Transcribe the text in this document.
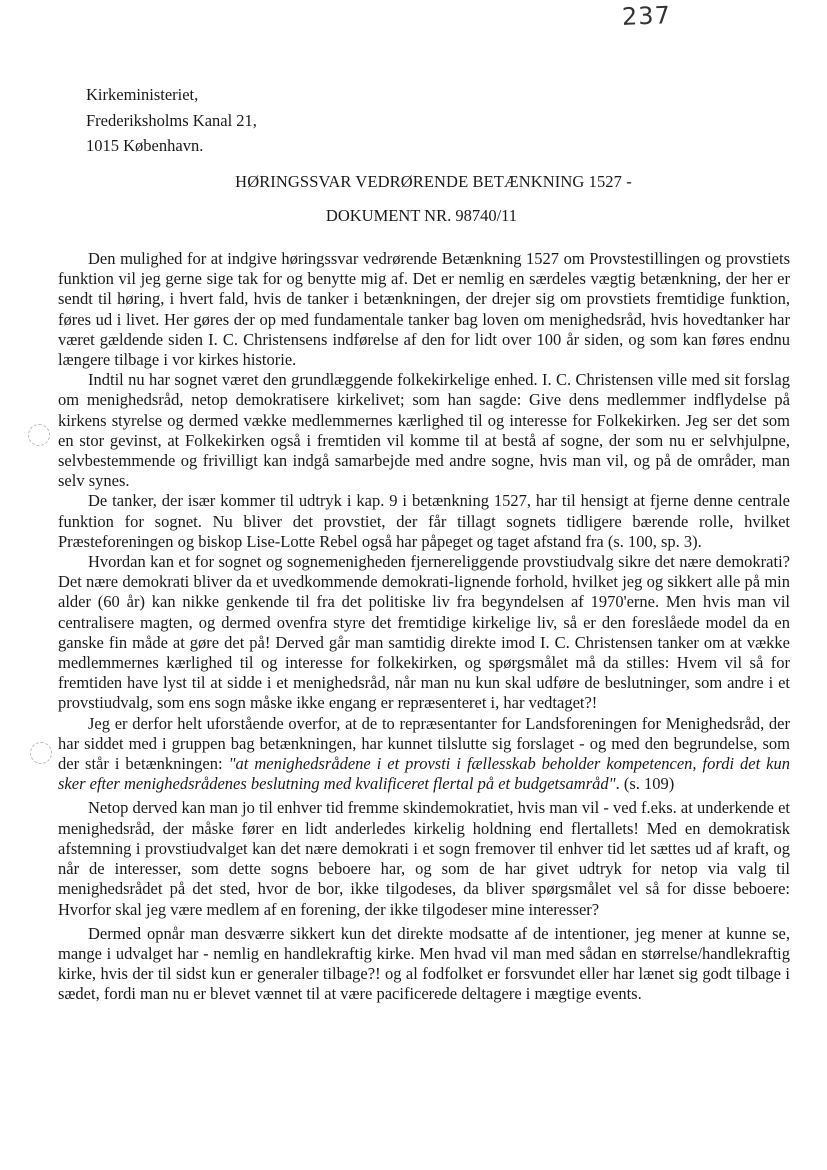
237
Kirkeministeriet,
Frederiksholms Kanal 21,
1015 København.
HØRINGSSVAR VEDRØRENDE BETÆNKNING 1527 -
DOKUMENT NR. 98740/11

Den mulighed for at indgive høringssvar vedrørende Betænkning 1527 om Provstestillingen og provstiets funktion vil jeg gerne sige tak for og benytte mig af. Det er nemlig en særdeles vægtig betænkning, der her er sendt til høring, i hvert fald, hvis de tanker i betænkningen, der drejer sig om provstiets fremtidige funktion, føres ud i livet. Her gøres der op med fundamentale tanker bag loven om menighedsråd, hvis hovedtanker har været gældende siden I. C. Christensens indførelse af den for lidt over 100 år siden, og som kan føres endnu længere tilbage i vor kirkes historie.

Indtil nu har sognet været den grundlæggende folkekirkelige enhed. I. C. Christensen ville med sit forslag om menighedsråd, netop demokratisere kirkelivet; som han sagde: Give dens medlemmer indflydelse på kirkens styrelse og dermed vække medlemmernes kærlighed til og interesse for Folkekirken. Jeg ser det som en stor gevinst, at Folkekirken også i fremtiden vil komme til at bestå af sogne, der som nu er selvhjulpne, selvbestemmende og frivilligt kan indgå samarbejde med andre sogne, hvis man vil, og på de områder, man selv synes.

De tanker, der især kommer til udtryk i kap. 9 i betænkning 1527, har til hensigt at fjerne denne centrale funktion for sognet. Nu bliver det provstiet, der får tillagt sognets tidligere bærende rolle, hvilket Præsteforeningen og biskop Lise-Lotte Rebel også har påpeget og taget afstand fra (s. 100, sp. 3).

Hvordan kan et for sognet og sognemenigheden fjernereliggende provstiudvalg sikre det nære demokrati? Det nære demokrati bliver da et uvedkommende demokrati-lignende forhold, hvilket jeg og sikkert alle på min alder (60 år) kan nikke genkende til fra det politiske liv fra begyndelsen af 1970'erne. Men hvis man vil centralisere magten, og dermed ovenfra styre det fremtidige kirkelige liv, så er den foreslåede model da en ganske fin måde at gøre det på! Derved går man samtidig direkte imod I. C. Christensen tanker om at vække medlemmernes kærlighed til og interesse for folkekirken, og spørgsmålet må da stilles: Hvem vil så for fremtiden have lyst til at sidde i et menighedsråd, når man nu kun skal udføre de beslutninger, som andre i et provstiudvalg, som ens sogn måske ikke engang er repræsenteret i, har vedtaget?!

Jeg er derfor helt uforstående overfor, at de to repræsentanter for Landsforeningen for Menighedsråd, der har siddet med i gruppen bag betænkningen, har kunnet tilslutte sig forslaget - og med den begrundelse, som der står i betænkningen: "at menighedsrådene i et provsti i fællesskab beholder kompetencen, fordi det kun sker efter menighedsrådenes beslutning med kvalificeret flertal på et budgetsamråd". (s. 109)

Netop derved kan man jo til enhver tid fremme skindemokratiet, hvis man vil - ved f.eks. at underkende et menighedsråd, der måske fører en lidt anderledes kirkelig holdning end flertallets! Med en demokratisk afstemning i provstiudvalget kan det nære demokrati i et sogn fremover til enhver tid let sættes ud af kraft, og når de interesser, som dette sogns beboere har, og som de har givet udtryk for netop via valg til menighedsrådet på det sted, hvor de bor, ikke tilgodeses, da bliver spørgsmålet vel så for disse beboere: Hvorfor skal jeg være medlem af en forening, der ikke tilgodeser mine interesser?

Dermed opnår man desværre sikkert kun det direkte modsatte af de intentioner, jeg mener at kunne se, mange i udvalget har - nemlig en handlekraftig kirke. Men hvad vil man med sådan en størrelse/handlekraftig kirke, hvis der til sidst kun er generaler tilbage?! og al fodfolket er forsvundet eller har lænet sig godt tilbage i sædet, fordi man nu er blevet vænnet til at være pacificerede deltagere i mægtige events.
